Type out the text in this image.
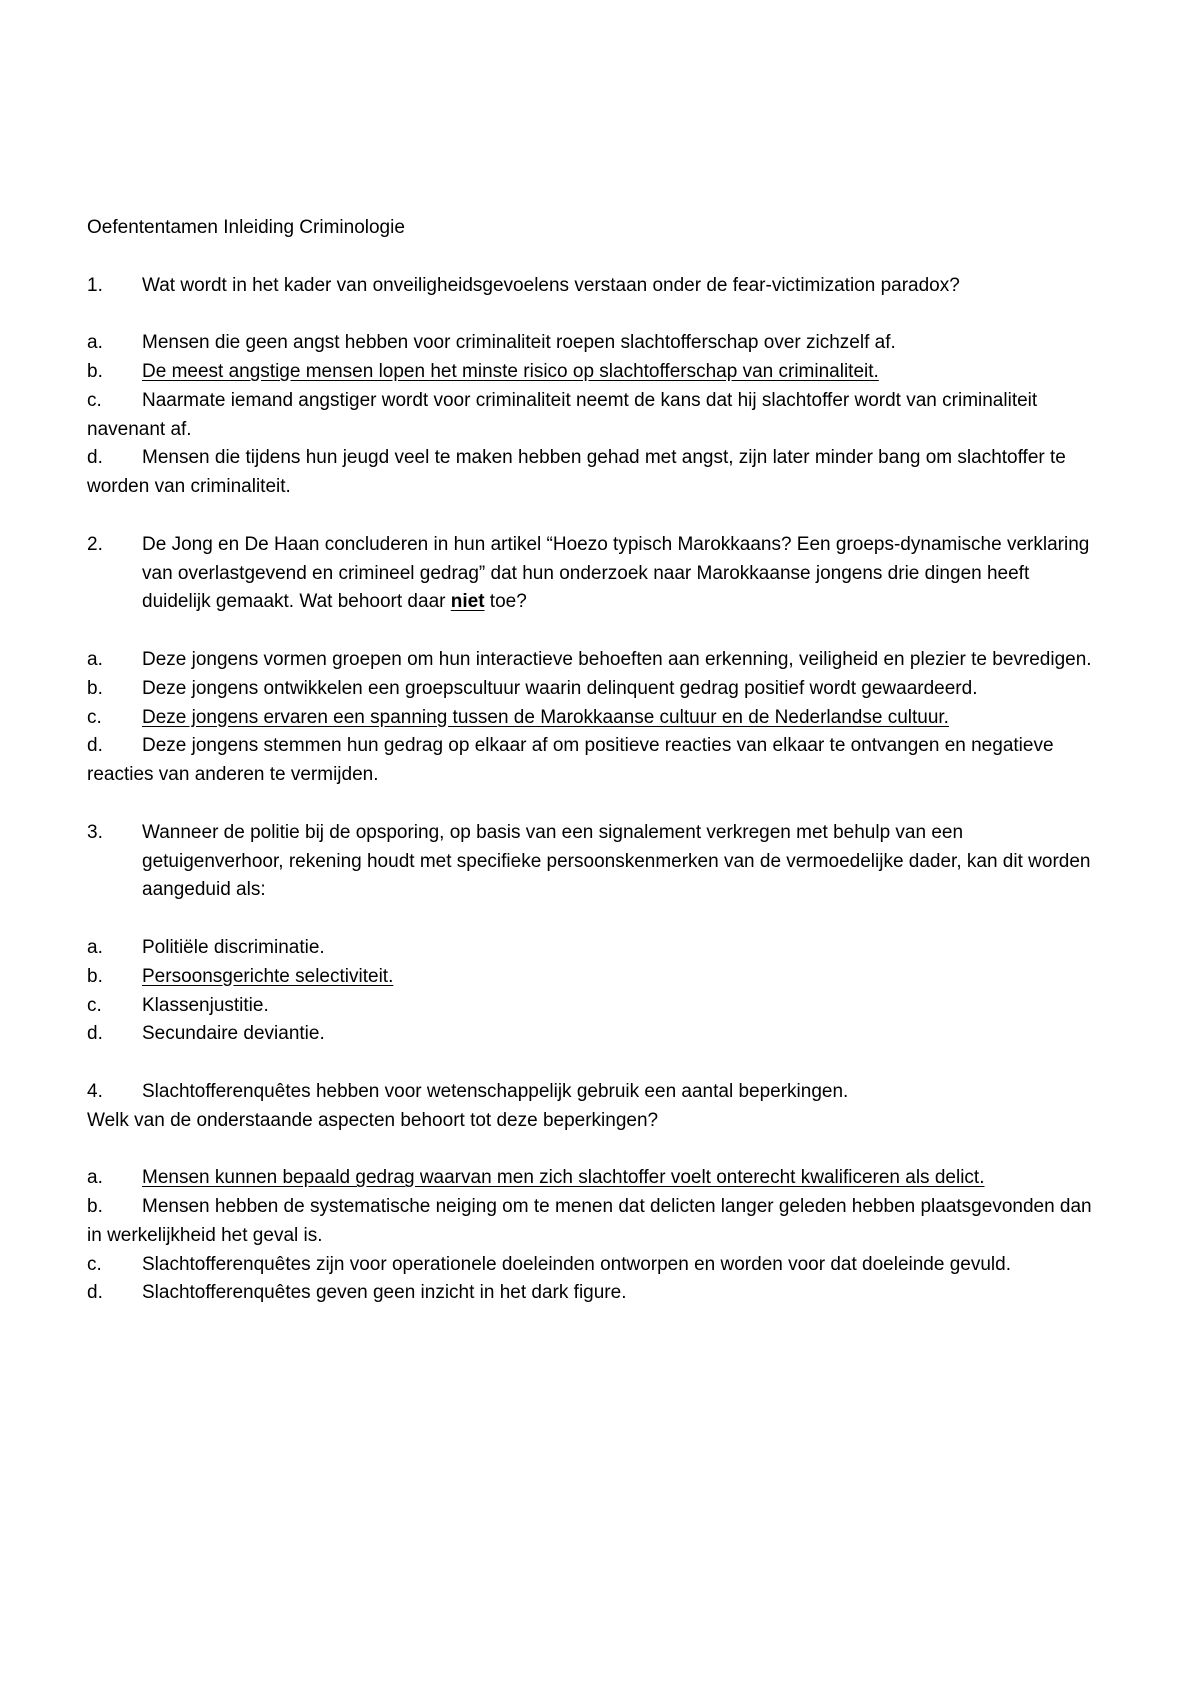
Oefententamen Inleiding Criminologie

1. Wat wordt in het kader van onveiligheidsgevoelens verstaan onder de fear-victimization paradox?

a. Mensen die geen angst hebben voor criminaliteit roepen slachtofferschap over zichzelf af.
b. De meest angstige mensen lopen het minste risico op slachtofferschap van criminaliteit.
c. Naarmate iemand angstiger wordt voor criminaliteit neemt de kans dat hij slachtoffer wordt van criminaliteit navenant af.
d. Mensen die tijdens hun jeugd veel te maken hebben gehad met angst, zijn later minder bang om slachtoffer te worden van criminaliteit.

2. De Jong en De Haan concluderen in hun artikel “Hoezo typisch Marokkaans? Een groeps-dynamische verklaring van overlastgevend en crimineel gedrag” dat hun onderzoek naar Marokkaanse jongens drie dingen heeft duidelijk gemaakt. Wat behoort daar niet toe?

a. Deze jongens vormen groepen om hun interactieve behoeften aan erkenning, veiligheid en plezier te bevredigen.
b. Deze jongens ontwikkelen een groepscultuur waarin delinquent gedrag positief wordt gewaardeerd.
c. Deze jongens ervaren een spanning tussen de Marokkaanse cultuur en de Nederlandse cultuur.
d. Deze jongens stemmen hun gedrag op elkaar af om positieve reacties van elkaar te ontvangen en negatieve reacties van anderen te vermijden.

3. Wanneer de politie bij de opsporing, op basis van een signalement verkregen met behulp van een getuigenverhoor, rekening houdt met specifieke persoonskenmerken van de vermoedelijke dader, kan dit worden aangeduid als:

a. Politiële discriminatie.
b. Persoonsgerichte selectiviteit.
c. Klassenjustitie.
d. Secundaire deviantie.

4. Slachtofferenquêtes hebben voor wetenschappelijk gebruik een aantal beperkingen.

Welk van de onderstaande aspecten behoort tot deze beperkingen?

a. Mensen kunnen bepaald gedrag waarvan men zich slachtoffer voelt onterecht kwalificeren als delict.
b. Mensen hebben de systematische neiging om te menen dat delicten langer geleden hebben plaatsgevonden dan in werkelijkheid het geval is.
c. Slachtofferenquêtes zijn voor operationele doeleinden ontworpen en worden voor dat doeleinde gevuld.
d. Slachtofferenquêtes geven geen inzicht in het dark figure.
